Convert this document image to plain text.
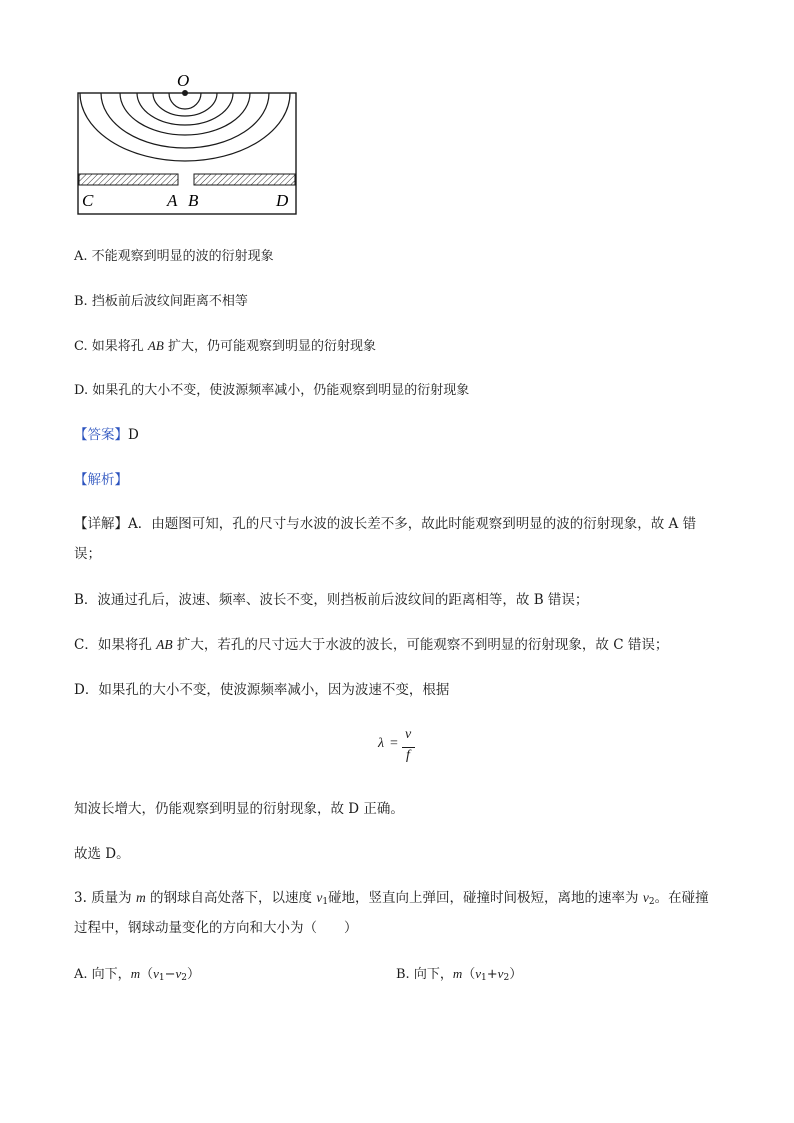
O
C	A B	D
A. 不能观察到明显的波的衍射现象
B. 挡板前后波纹间距离不相等
C. 如果将孔 AB 扩大，仍可能观察到明显的衍射现象
D. 如果孔的大小不变，使波源频率减小，仍能观察到明显的衍射现象
【答案】D
【解析】
【详解】A．由题图可知，孔的尺寸与水波的波长差不多，故此时能观察到明显的波的衍射现象，故 A 错
误；
B．波通过孔后，波速、频率、波长不变，则挡板前后波纹间的距离相等，故 B 错误；
C．如果将孔 AB 扩大，若孔的尺寸远大于水波的波长，可能观察不到明显的衍射现象，故 C 错误；
D．如果孔的大小不变，使波源频率减小，因为波速不变，根据
λ =
v
f
知波长增大，仍能观察到明显的衍射现象，故 D 正确。
故选 D。
3. 质量为 m 的钢球自高处落下，以速度 $v_1$碰地，竖直向上弹回，碰撞时间极短，离地的速率为 $v_2$。在碰撞
过程中，钢球动量变化的方向和大小为（　　）
A. 向下，$m(v_1-v_2)$	B. 向下，$m(v_1+v_2)$
